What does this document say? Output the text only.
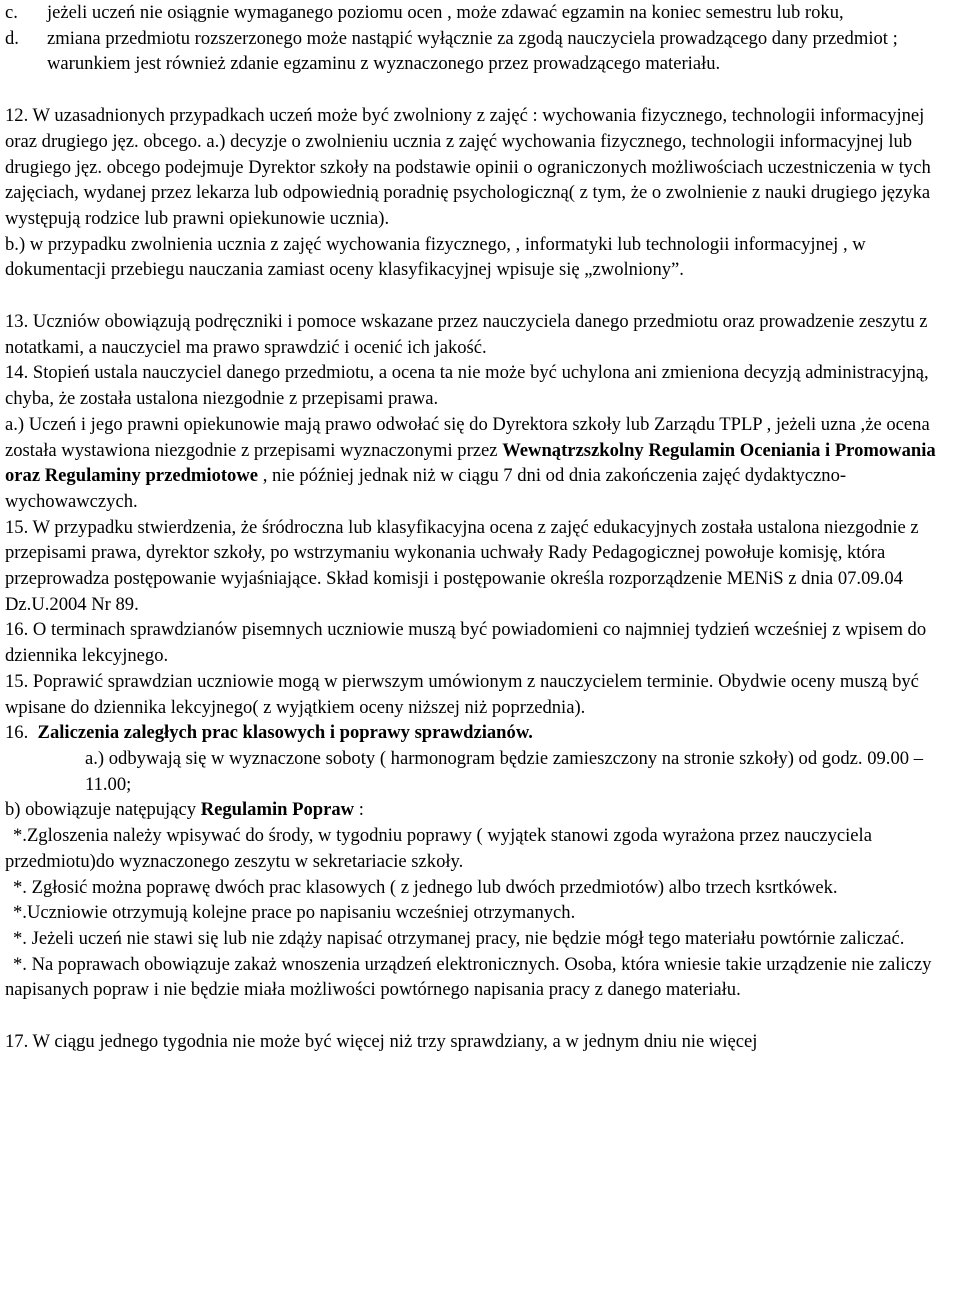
c. jeżeli uczeń nie osiągnie wymaganego poziomu ocen , może zdawać egzamin na koniec semestru lub roku,

d. zmiana przedmiotu rozszerzonego może nastąpić wyłącznie za zgodą nauczyciela prowadzącego dany przedmiot ; warunkiem jest również zdanie egzaminu z wyznaczonego przez prowadzącego materiału.

12. W uzasadnionych przypadkach uczeń może być zwolniony z zajęć : wychowania fizycznego, technologii informacyjnej oraz drugiego jęz. obcego. a.) decyzje o zwolnieniu ucznia z zajęć wychowania fizycznego, technologii informacyjnej lub drugiego jęz. obcego podejmuje Dyrektor szkoły na podstawie opinii o ograniczonych możliwościach uczestniczenia w tych zajęciach, wydanej przez lekarza lub odpowiednią poradnię psychologiczną( z tym, że o zwolnienie z nauki drugiego języka występują rodzice lub prawni opiekunowie ucznia).

b.) w przypadku zwolnienia ucznia z zajęć wychowania fizycznego, , informatyki lub technologii informacyjnej , w dokumentacji przebiegu nauczania zamiast oceny klasyfikacyjnej wpisuje się „zwolniony”.

13. Uczniów obowiązują podręczniki i pomoce wskazane przez nauczyciela danego przedmiotu oraz prowadzenie zeszytu z notatkami, a nauczyciel ma prawo sprawdzić i ocenić ich jakość.

14. Stopień ustala nauczyciel danego przedmiotu, a ocena ta nie może być uchylona ani zmieniona decyzją administracyjną, chyba, że została ustalona niezgodnie z przepisami prawa.

a.) Uczeń i jego prawni opiekunowie mają prawo odwołać się do Dyrektora szkoły lub Zarządu TPLP , jeżeli uzna ,że ocena została wystawiona niezgodnie z przepisami wyznaczonymi przez Wewnątrzszkolny Regulamin Oceniania i Promowania oraz Regulaminy przedmiotowe , nie później jednak niż w ciągu 7 dni od dnia zakończenia zajęć dydaktyczno-wychowawczych.

15. W przypadku stwierdzenia, że śródroczna lub klasyfikacyjna ocena z zajęć edukacyjnych została ustalona niezgodnie z przepisami prawa, dyrektor szkoły, po wstrzymaniu wykonania uchwały Rady Pedagogicznej powołuje komisję, która przeprowadza postępowanie wyjaśniające. Skład komisji i postępowanie określa rozporządzenie MENiS z dnia 07.09.04 Dz.U.2004 Nr 89.

16. O terminach sprawdzianów pisemnych uczniowie muszą być powiadomieni co najmniej tydzień wcześniej z wpisem do dziennika lekcyjnego.

15. Poprawić sprawdzian uczniowie mogą w pierwszym umówionym z nauczycielem terminie. Obydwie oceny muszą być wpisane do dziennika lekcyjnego( z wyjątkiem oceny niższej niż poprzednia).

16. Zaliczenia zaległych prac klasowych i poprawy sprawdzianów.

a.) odbywają się w wyznaczone soboty ( harmonogram będzie zamieszczony na stronie szkoły) od godz. 09.00 – 11.00;

b) obowiązuje natępujący Regulamin Popraw :

*.Zgloszenia należy wpisywać do środy, w tygodniu poprawy ( wyjątek stanowi zgoda wyrażona przez nauczyciela przedmiotu)do wyznaczonego zeszytu w sekretariacie szkoły.

*. Zgłosić można poprawę dwóch prac klasowych ( z jednego lub dwóch przedmiotów) albo trzech ksrtkówek.

*.Uczniowie otrzymują kolejne prace po napisaniu wcześniej otrzymanych.

*. Jeżeli uczeń nie stawi się lub nie zdąży napisać otrzymanej pracy, nie będzie mógł tego materiału powtórnie zaliczać.

*. Na poprawach obowiązuje zakaż wnoszenia urządzeń elektronicznych. Osoba, która wniesie takie urządzenie nie zaliczy napisanych popraw i nie będzie miała możliwości powtórnego napisania pracy z danego materiału.

17. W ciągu jednego tygodnia nie może być więcej niż trzy sprawdziany, a w jednym dniu nie więcej
